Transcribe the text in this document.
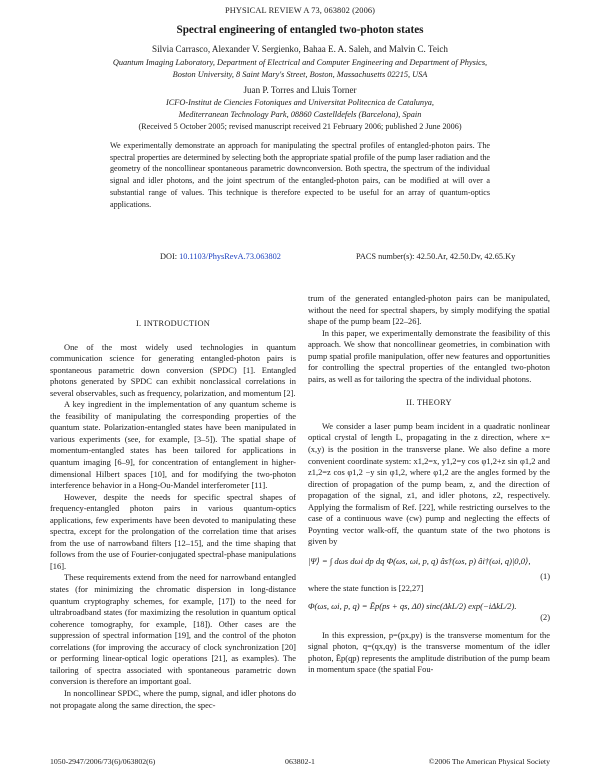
PHYSICAL REVIEW A 73, 063802 (2006)
Spectral engineering of entangled two-photon states
Silvia Carrasco, Alexander V. Sergienko, Bahaa E. A. Saleh, and Malvin C. Teich
Quantum Imaging Laboratory, Department of Electrical and Computer Engineering and Department of Physics,
Boston University, 8 Saint Mary's Street, Boston, Massachusetts 02215, USA
Juan P. Torres and Lluis Torner
ICFO-Institut de Ciencies Fotoniques and Universitat Politecnica de Catalunya,
Mediterranean Technology Park, 08860 Castelldefels (Barcelona), Spain
(Received 5 October 2005; revised manuscript received 21 February 2006; published 2 June 2006)
We experimentally demonstrate an approach for manipulating the spectral profiles of entangled-photon pairs. The spectral properties are determined by selecting both the appropriate spatial profile of the pump laser radiation and the geometry of the noncollinear spontaneous parametric downconversion. Both spectra, the spectrum of the individual signal and idler photons, and the joint spectrum of the entangled-photon pairs, can be modified at will over a substantial range of values. This technique is therefore expected to be useful for an array of quantum-optics applications.
DOI: 10.1103/PhysRevA.73.063802	PACS number(s): 42.50.Ar, 42.50.Dv, 42.65.Ky
I. INTRODUCTION

One of the most widely used technologies in quantum communication science for generating entangled-photon pairs is spontaneous parametric down conversion (SPDC) [1]. Entangled photons generated by SPDC can exhibit nonclassical correlations in several observables, such as frequency, polarization, and momentum [2].

A key ingredient in the implementation of any quantum scheme is the feasibility of manipulating the corresponding properties of the quantum state. Polarization-entangled states have been manipulated in various experiments (see, for example, [3–5]). The spatial shape of momentum-entangled states has been tailored for applications in quantum imaging [6–9], for concentration of entanglement in higher-dimensional Hilbert spaces [10], and for modifying the two-photon interference behavior in a Hong-Ou-Mandel interferometer [11].

However, despite the needs for specific spectral shapes of frequency-entangled photon pairs in various quantum-optics applications, few experiments have been devoted to manipulating these spectra, except for the prolongation of the correlation time that arises from the use of narrowband filters [12–15], and the time shaping that follows from the use of Fourier-conjugated spectral-phase manipulations [16].

These requirements extend from the need for narrowband entangled states (for minimizing the chromatic dispersion in long-distance quantum cryptography schemes, for example, [17]) to the need for ultrabroadband states (for maximizing the resolution in quantum optical coherence tomography, for example, [18]). Other cases are the suppression of spectral information [19], and the control of the photon correlations (for improving the accuracy of clock synchronization [20] or performing linear-optical logic operations [21], as examples). The tailoring of spectra associated with spontaneous parametric down conversion is therefore an important goal.

In noncollinear SPDC, where the pump, signal, and idler photons do not propagate along the same direction, the spec-

trum of the generated entangled-photon pairs can be manipulated, without the need for spectral shapers, by simply modifying the spatial shape of the pump beam [22–26].

In this paper, we experimentally demonstrate the feasibility of this approach. We show that noncollinear geometries, in combination with pump spatial profile manipulation, offer new features and opportunities for controlling the spectral properties of the entangled two-photon pairs, as well as for tailoring the spectra of the individual photons.

II. THEORY

We consider a laser pump beam incident in a quadratic nonlinear optical crystal of length L, propagating in the z direction, where x=(x,y) is the position in the transverse plane. We also define a more convenient coordinate system: x1,2=x, y1,2=y cos φ1,2+z sin φ1,2 and z1,2=z cos φ1,2 −y sin φ1,2, where φ1,2 are the angles formed by the direction of propagation of the pump beam, z, and the direction of propagation of the signal, z1, and idler photons, z2, respectively. Applying the formalism of Ref. [22], while restricting ourselves to the case of a continuous wave (cw) pump and neglecting the effects of Poynting vector walk-off, the quantum state of the two photons is given by

|Ψ⟩ = ∫ dωs dωi dp dq Φ(ωs, ωi, p, q) âs†(ωs, p) âi†(ωi, q)|0,0⟩,
(1)

where the state function is [22,27]

Φ(ωs, ωi, p, q) = Ẽp(ps + qs, Δ0) sinc(ΔkL/2) exp(−iΔkL/2).
(2)

In this expression, p=(px,py) is the transverse momentum for the signal photon, q=(qx,qy) is the transverse momentum of the idler photon, Ẽp(qp) represents the amplitude distribution of the pump beam in momentum space (the spatial Fou-

1050-2947/2006/73(6)/063802(6)	063802-1	©2006 The American Physical Society
